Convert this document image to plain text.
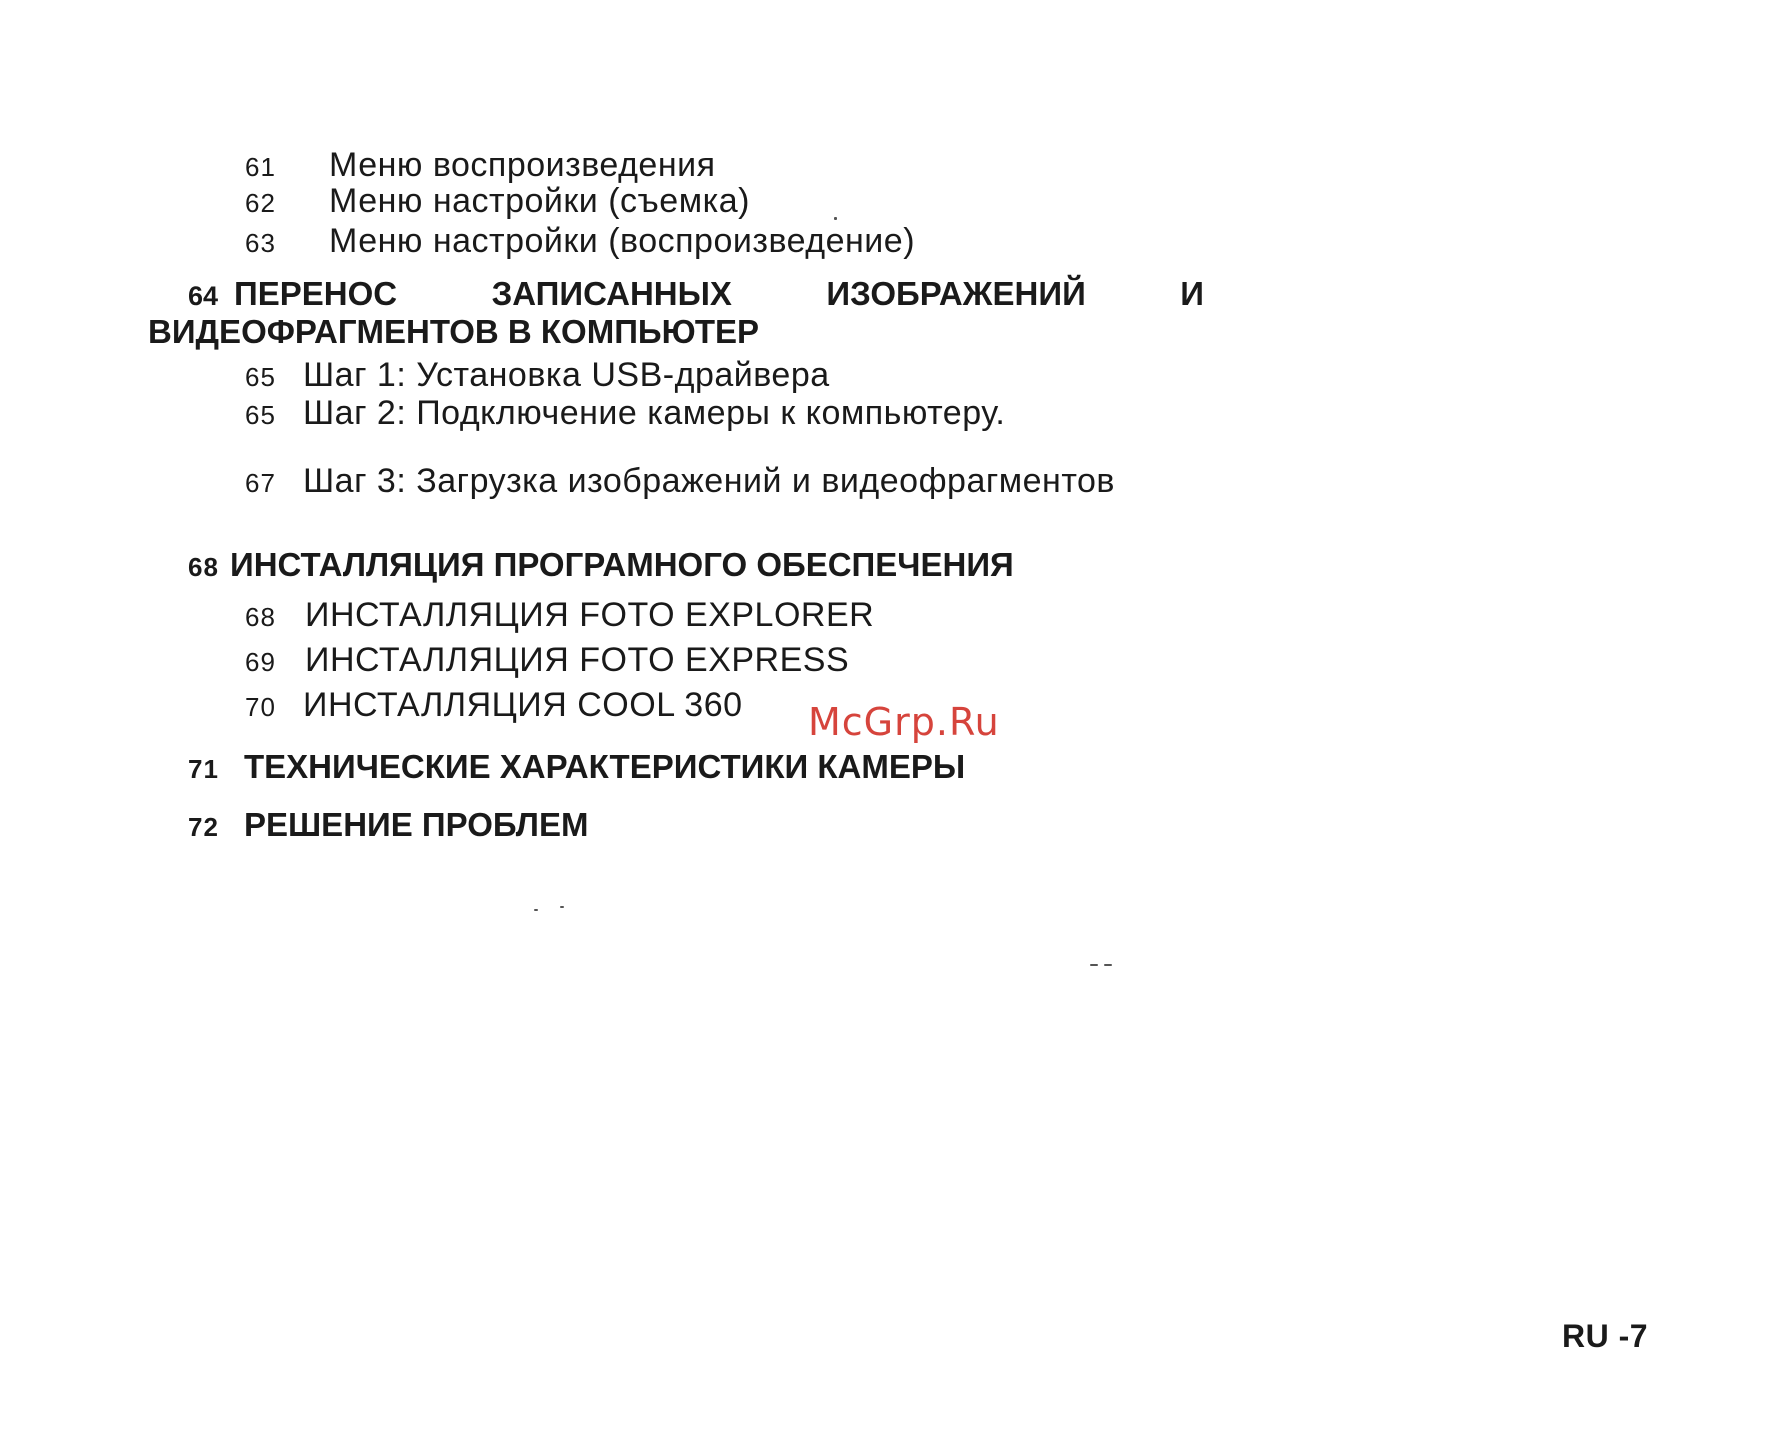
61 Меню воспроизведения
62 Меню настройки (съемка)
63 Меню настройки (воспроизведение)
64 ПЕРЕНОС	ЗАПИСАННЫХ	ИЗОБРАЖЕНИЙ	И
ВИДЕОФРАГМЕНТОВ В КОМПЬЮТЕР
65 Шаг 1: Установка USB-драйвера
65 Шаг 2: Подключение камеры к компьютеру.
67 Шаг 3: Загрузка изображений и видеофрагментов
68 ИНСТАЛЛЯЦИЯ ПРОГРАМНОГО ОБЕСПЕЧЕНИЯ
68 ИНСТАЛЛЯЦИЯ FOTO EXPLORER
69 ИНСТАЛЛЯЦИЯ FOTO EXPRESS
70 ИНСТАЛЛЯЦИЯ COOL 360 McGrp.Ru
71 ТЕХНИЧЕСКИЕ ХАРАКТЕРИСТИКИ КАМЕРЫ
72 РЕШЕНИЕ ПРОБЛЕМ
RU -7
